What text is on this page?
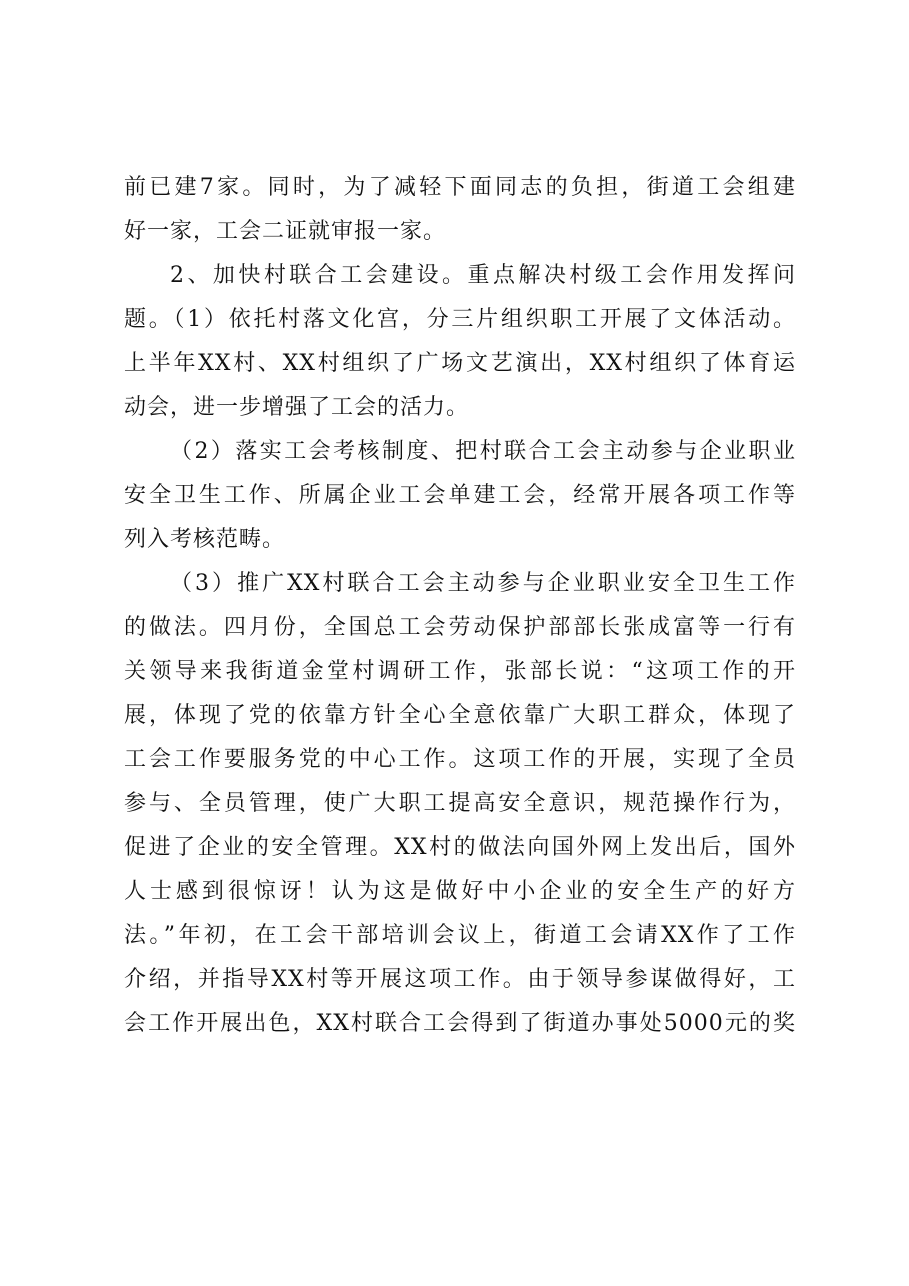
前已建7家。同时，为了减轻下面同志的负担，街道工会组建
好一家，工会二证就审报一家。
2、加快村联合工会建设。重点解决村级工会作用发挥问
题。（1）依托村落文化宫，分三片组织职工开展了文体活动。
上半年XX村、XX村组织了广场文艺演出，XX村组织了体育运
动会，进一步增强了工会的活力。
（2）落实工会考核制度、把村联合工会主动参与企业职业
安全卫生工作、所属企业工会单建工会，经常开展各项工作等
列入考核范畴。
（3）推广XX村联合工会主动参与企业职业安全卫生工作
的做法。四月份，全国总工会劳动保护部部长张成富等一行有
关领导来我街道金堂村调研工作，张部长说：“这项工作的开
展，体现了党的依靠方针全心全意依靠广大职工群众，体现了
工会工作要服务党的中心工作。这项工作的开展，实现了全员
参与、全员管理，使广大职工提高安全意识，规范操作行为，
促进了企业的安全管理。XX村的做法向国外网上发出后，国外
人士感到很惊讶！认为这是做好中小企业的安全生产的好方
法。”年初，在工会干部培训会议上，街道工会请XX作了工作
介绍，并指导XX村等开展这项工作。由于领导参谋做得好，工
会工作开展出色，XX村联合工会得到了街道办事处5000元的奖
